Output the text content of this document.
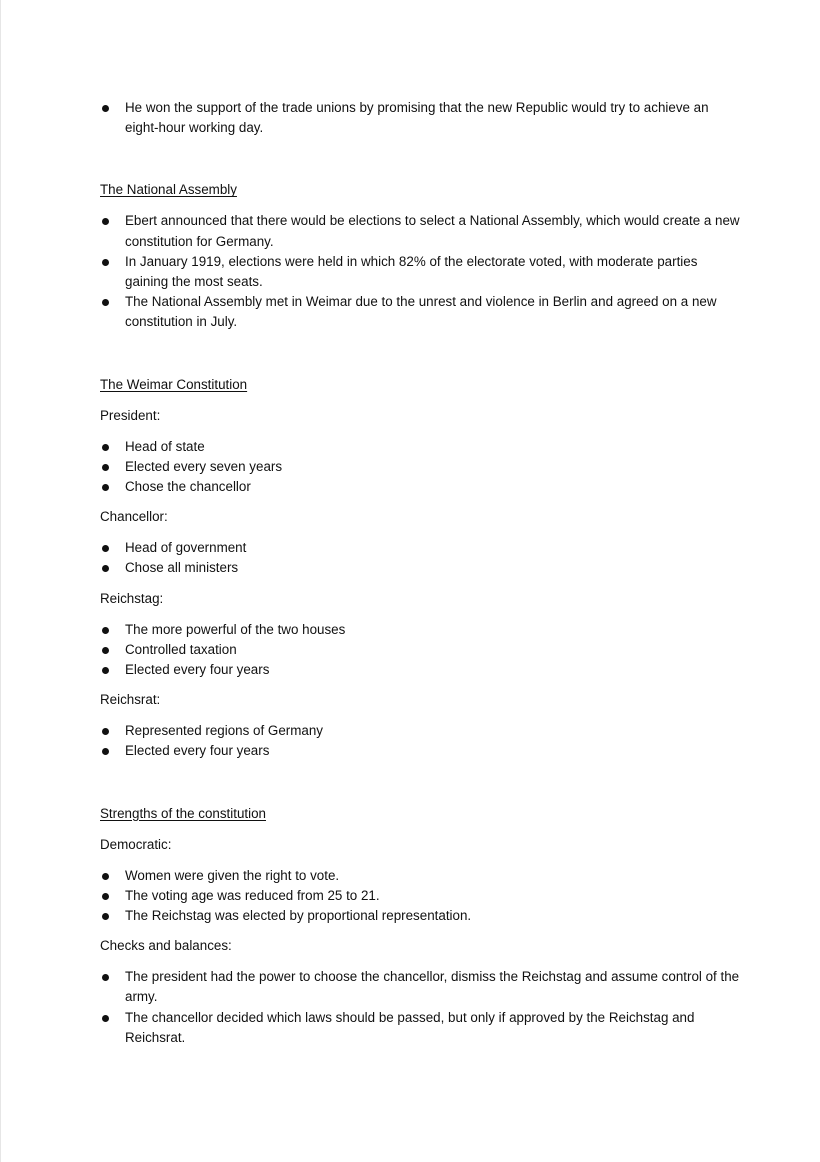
He won the support of the trade unions by promising that the new Republic would try to achieve an eight-hour working day.

The National Assembly

Ebert announced that there would be elections to select a National Assembly, which would create a new constitution for Germany.
In January 1919, elections were held in which 82% of the electorate voted, with moderate parties gaining the most seats.
The National Assembly met in Weimar due to the unrest and violence in Berlin and agreed on a new constitution in July.

The Weimar Constitution

President:

Head of state
Elected every seven years
Chose the chancellor

Chancellor:

Head of government
Chose all ministers

Reichstag:

The more powerful of the two houses
Controlled taxation
Elected every four years

Reichsrat:

Represented regions of Germany
Elected every four years

Strengths of the constitution

Democratic:

Women were given the right to vote.
The voting age was reduced from 25 to 21.
The Reichstag was elected by proportional representation.

Checks and balances:

The president had the power to choose the chancellor, dismiss the Reichstag and assume control of the army.
The chancellor decided which laws should be passed, but only if approved by the Reichstag and Reichsrat.
